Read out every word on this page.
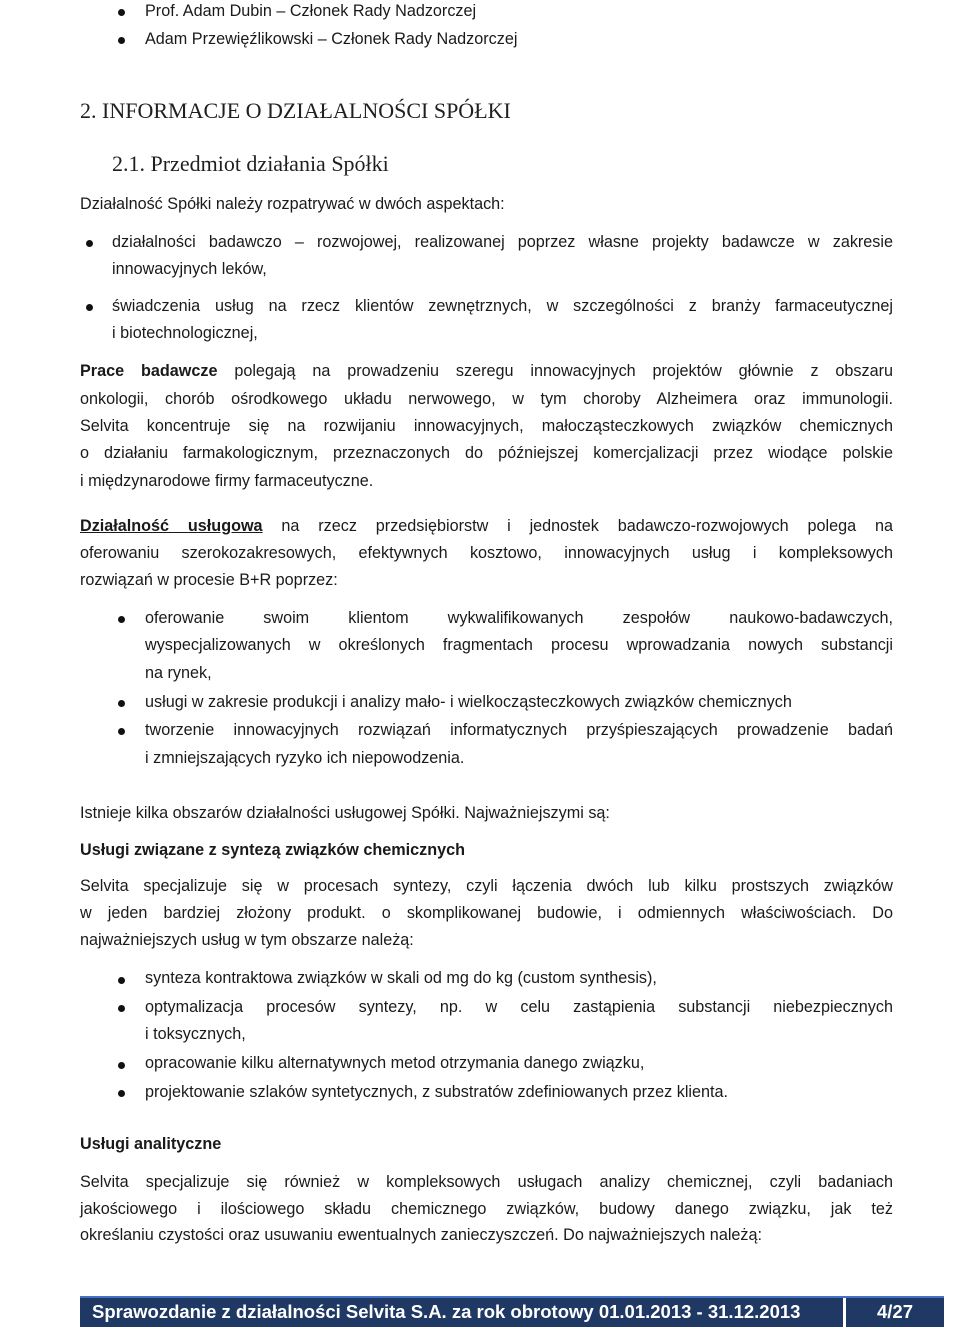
Prof. Adam Dubin – Członek Rady Nadzorczej
Adam Przewięźlikowski – Członek Rady Nadzorczej
2. INFORMACJE O DZIAŁALNOŚCI SPÓŁKI
2.1. Przedmiot działania Spółki
Działalność Spółki należy rozpatrywać w dwóch aspektach:
działalności badawczo – rozwojowej, realizowanej poprzez własne projekty badawcze w zakresie
innowacyjnych leków,
świadczenia usług na rzecz klientów zewnętrznych, w szczególności z branży farmaceutycznej
i biotechnologicznej,
Prace badawcze polegają na prowadzeniu szeregu innowacyjnych projektów głównie z obszaru
onkologii, chorób ośrodkowego układu nerwowego, w tym choroby Alzheimera oraz immunologii.
Selvita koncentruje się na rozwijaniu innowacyjnych, małocząsteczkowych związków chemicznych
o działaniu farmakologicznym, przeznaczonych do późniejszej komercjalizacji przez wiodące polskie
i międzynarodowe firmy farmaceutyczne.
Działalność usługowa na rzecz przedsiębiorstw i jednostek badawczo-rozwojowych polega na
oferowaniu szerokozakresowych, efektywnych kosztowo, innowacyjnych usług i kompleksowych
rozwiązań w procesie B+R poprzez:
oferowanie swoim klientom wykwalifikowanych zespołów naukowo-badawczych,
wyspecjalizowanych w określonych fragmentach procesu wprowadzania nowych substancji
na rynek,
usługi w zakresie produkcji i analizy mało- i wielkocząsteczkowych związków chemicznych
tworzenie innowacyjnych rozwiązań informatycznych przyśpieszających prowadzenie badań
i zmniejszających ryzyko ich niepowodzenia.
Istnieje kilka obszarów działalności usługowej Spółki. Najważniejszymi są:
Usługi związane z syntezą związków chemicznych
Selvita specjalizuje się w procesach syntezy, czyli łączenia dwóch lub kilku prostszych związków
w jeden bardziej złożony produkt. o skomplikowanej budowie, i odmiennych właściwościach. Do
najważniejszych usług w tym obszarze należą:
synteza kontraktowa związków w skali od mg do kg (custom synthesis),
optymalizacja procesów syntezy, np. w celu zastąpienia substancji niebezpiecznych
i toksycznych,
opracowanie kilku alternatywnych metod otrzymania danego związku,
projektowanie szlaków syntetycznych, z substratów zdefiniowanych przez klienta.
Usługi analityczne
Selvita specjalizuje się również w kompleksowych usługach analizy chemicznej, czyli badaniach
jakościowego i ilościowego składu chemicznego związków, budowy danego związku, jak też
określaniu czystości oraz usuwaniu ewentualnych zanieczyszczeń. Do najważniejszych należą:
Sprawozdanie z działalności Selvita S.A. za rok obrotowy 01.01.2013 - 31.12.2013	4/27
